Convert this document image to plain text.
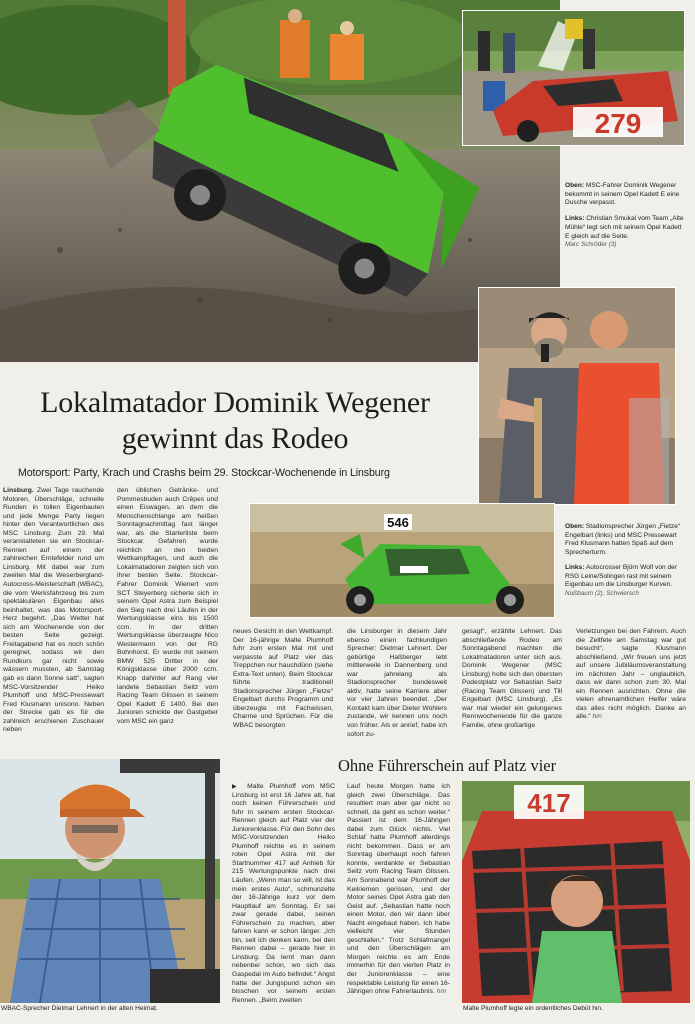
279
Oben: MSC-Fahrer Dominik Wegener bekommt in seinem Opel Kadett E eine Dusche verpasst.
Links: Christian Smukal vom Team „Alte Mühle“ legt sich mit seinem Opel Kadett E gleich auf die Seite.
Marc Schröder (3)
Lokalmatador Dominik Wegener
gewinnt das Rodeo
Motorsport: Party, Krach und Crashs beim 29. Stockcar-Wochenende in Linsburg
Linsburg. Zwei Tage rauchende Motoren, Überschläge, schnelle Runden in tollen Eigenbauten und jede Menge Party liegen hinter den Verantwortlichen des MSC Linsburg. Zum 29. Mal veranstalteten sie ein Stockcar-Rennen auf einem der zahlreichen Erntefelder rund um Linsburg. Mit dabei war zum zweiten Mal die Weserbergland-Autocross-Meisterschaft (WBAC), die vom Werksfahrzeug bis zum spektakulären Eigenbau alles beinhaltet, was das Motorsport-Herz begehrt. „Das Wetter hat sich am Wochenende von der besten Seite gezeigt. Freitagabend hat es noch schön geregnet, sodass wir den Rundkurs gar nicht sowie wässern mussten, ab Samstag gab es dann Sonne satt“, sagten MSC-Vorsitzender Heiko Plumhoff und MSC-Pressewart Fred Klusmann unisono. Neben der Strecke gab es für die zahlreich erschienen Zuschauer neben
den üblichen Getränke- und Pommesbuden auch Crêpes und einen Eiswagen, an dem die Menschenschlange am heißen Sonntagnachmittag fast länger war, als die Starterliste beim Stockcar. Gefahren wurde reichlich an den beiden Wettkampftagen, und auch die Lokalmatadoren zeigten sich von ihrer besten Seite. Stockcar-Fahrer Dominik Wienert vom SCT Steyerberg sicherte sich in seinem Opel Astra zum Beispiel den Sieg nach drei Läufen in der Wertungsklasse eins bis 1500 ccm. In der dritten Wertungsklasse überzeugte Nico Westermann von der RG Bohnhorst. Er wurde mit seinem BMW 525 Dritter in der Königsklasse über 2000 ccm. Knapp dahinter auf Rang vier landete Sebastian Seitz vom Racing Team Glissen in seinem Opel Kadett E 1400. Bei den Junioren schickte der Gastgeber vom MSC ein ganz
546	Oben: Stadionsprecher Jürgen „Fietze“ Engelbart (links) und MSC Pressewart Fred Klusmann hatten Spaß auf dem Sprecherturm.
Links: Autocrosser Björn Wolf von der RSG Leine/Solingen rast mit seinem Eigenbau um die Linsburger Kurven.
Nußbaum (2), Schwiersch
neues Gesicht in den Wettkampf. Der 16-jährige Malte Plumhoff fuhr zum ersten Mal mit und verpasste auf Platz vier das Treppchen nur hauchdünn (siehe Extra-Text unten). Beim Stockcar führte traditionell Stadionsprecher Jürgen „Fietze“ Engelbart durchs Programm und überzeugte mit Fachwissen, Charme und Sprüchen. Für die WBAC besorgten
die Linsburger in diesem Jahr ebenso einen fachkundigen Sprecher: Dietmar Lehnert. Der gebürtige Haßberger lebt mittlerweile in Dannenberg und war jahrelang als Stadionsprecher bundesweit aktiv, hatte seine Karriere aber vor vier Jahren beendet. „Der Kontakt kam über Dieter Wohlers zustande, wir kennen uns noch von früher. Als er anrief, habe ich sofort zu-
gesagt“, erzählte Lehnert. Das abschließende Rodeo am Sonntagabend machten die Lokalmatadoren unter sich aus. Dominik Wegener (MSC Linsburg) holte sich den obersten Podestplatz vor Sebastian Seitz (Racing Team Glissen) und Till Engelbart (MSC Linsburg). „Es war mal wieder ein gelungenes Rennwochenende für die ganze Familie, ohne großartige
Verletzungen bei den Fahrern. Auch die Zeltfete am Samstag war gut besucht“, sagte Klusmann abschließend. „Wir freuen uns jetzt auf unsere Jubiläumsveranstaltung im nächsten Jahr – unglaublich, dass wir dann schon zum 30. Mal ein Rennen ausrichten. Ohne die vielen ehrenamtlichen Helfer wäre das alles nicht möglich. Danke an alle.“ hm
WBAC-Sprecher Dietmar Lehnert in der alten Heimat.
Ohne Führerschein auf Platz vier
▶ Malte Plumhoff vom MSC Linsburg ist erst 16 Jahre alt, hat noch keinen Führerschein und fuhr in seinem ersten Stockcar-Rennen gleich auf Platz vier der Juniorenklasse. Für den Sohn des MSC-Vorsitzenden Heiko Plumhoff reichte es in seinem roten Opel Astra mit der Startnummer 417 auf Anhieb für 215 Wertungspunkte nach drei Läufen. „Wenn man so will, ist das mein erstes Auto“, schmunzelte der 16-Jährige kurz vor dem Hauptlauf am Sonntag. Er sei zwar gerade dabei, seinen Führerschein zu machen, aber fahren kann er schon länger. „Ich bin, seit ich denken kann, bei den Rennen dabei – gerade hier in Linsburg. Da lernt man dann nebenbei schon, wo sich das Gaspedal im Auto befindet.“ Angst hatte der Jungspund schon ein bisschen vor seinem ersten Rennen. „Beim zweiten
Lauf heute Morgen hatte ich gleich zwei Überschläge. Das resultiert man aber gar nicht so schnell, da geht es schon weiter.“ Passiert ist dem 16-Jährigen dabei zum Glück nichts. Viel Schlaf hatte Plumhoff allerdings nicht bekommen. Dass er am Sonntag überhaupt noch fahren konnte, verdankte er Sebastian Seitz vom Racing Team Glissen. Am Sonnabend war Plumhoff der Keilriemen gerissen, und der Motor seines Opel Astra gab den Geist auf. „Sebastian hatte noch einen Motor, den wir dann über Nacht eingebaut haben. Ich habe vielleicht vier Stunden geschlafen.“ Trotz Schlafmangel und den Überschlägen am Morgen reichte es am Ende immerhin für den vierten Platz in der Juniorenklasse – eine respektable Leistung für einen 16-Jährigen ohne Fahrerlaubnis. hm
417
Malte Plumhoff legte ein ordentliches Debüt hin.
